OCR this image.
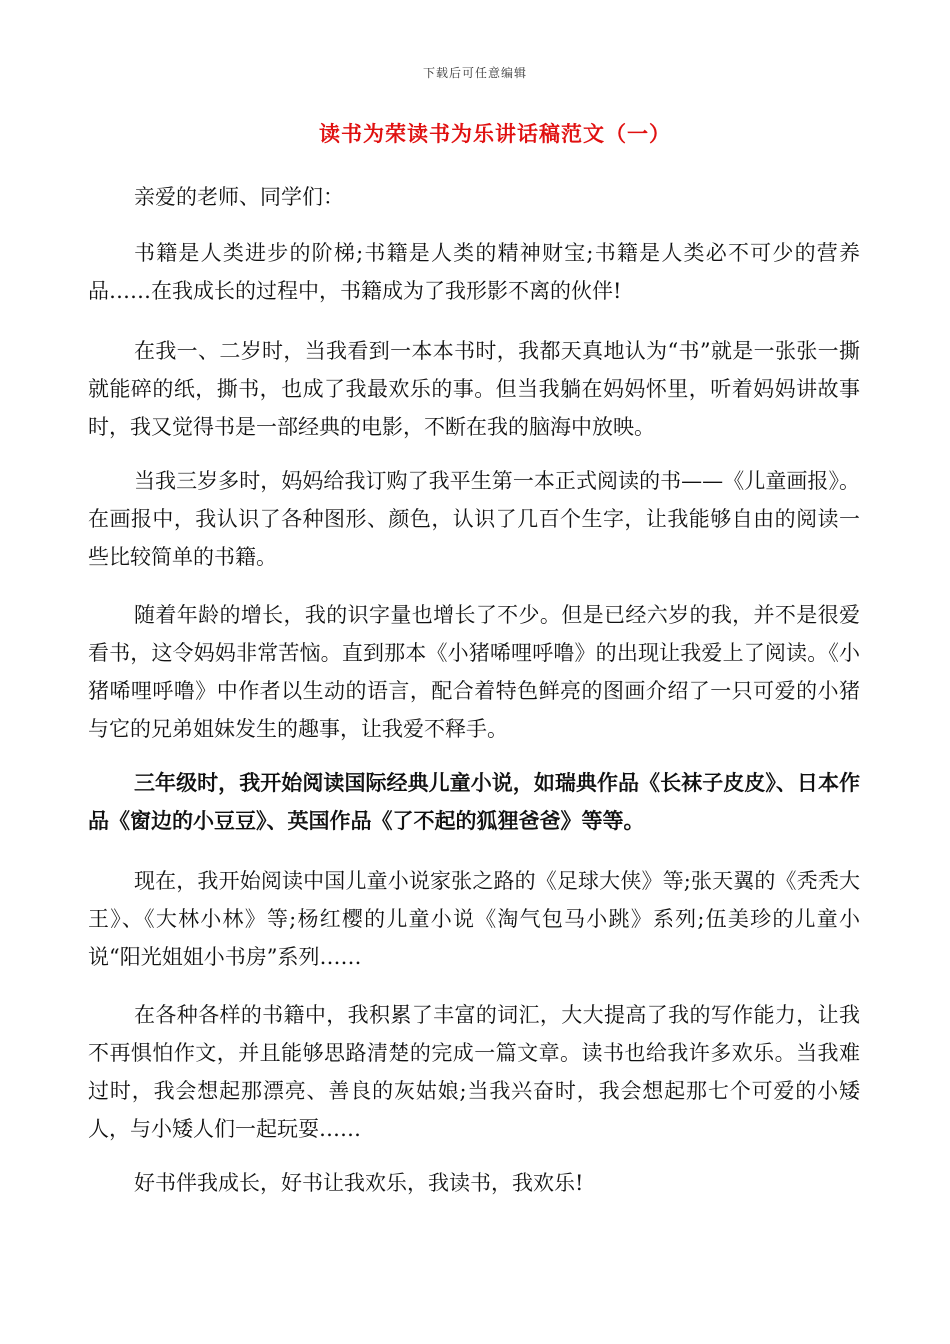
下载后可任意编辑
读书为荣读书为乐讲话稿范文（一）

亲爱的老师、同学们：

书籍是人类进步的阶梯;书籍是人类的精神财宝;书籍是人类必不可少的营养品……在我成长的过程中，书籍成为了我形影不离的伙伴!

在我一、二岁时，当我看到一本本书时，我都天真地认为“书”就是一张张一撕就能碎的纸，撕书，也成了我最欢乐的事。但当我躺在妈妈怀里，听着妈妈讲故事时，我又觉得书是一部经典的电影，不断在我的脑海中放映。

当我三岁多时，妈妈给我订购了我平生第一本正式阅读的书——《儿童画报》。在画报中，我认识了各种图形、颜色，认识了几百个生字，让我能够自由的阅读一些比较简单的书籍。

随着年龄的增长，我的识字量也增长了不少。但是已经六岁的我，并不是很爱看书，这令妈妈非常苦恼。直到那本《小猪唏哩呼噜》的出现让我爱上了阅读。《小猪唏哩呼噜》中作者以生动的语言，配合着特色鲜亮的图画介绍了一只可爱的小猪与它的兄弟姐妹发生的趣事，让我爱不释手。

三年级时，我开始阅读国际经典儿童小说，如瑞典作品《长袜子皮皮》、日本作品《窗边的小豆豆》、英国作品《了不起的狐狸爸爸》等等。

现在，我开始阅读中国儿童小说家张之路的《足球大侠》等;张天翼的《秃秃大王》、《大林小林》等;杨红樱的儿童小说《淘气包马小跳》系列;伍美珍的儿童小说“阳光姐姐小书房”系列……

在各种各样的书籍中，我积累了丰富的词汇，大大提高了我的写作能力，让我不再惧怕作文，并且能够思路清楚的完成一篇文章。读书也给我许多欢乐。当我难过时，我会想起那漂亮、善良的灰姑娘;当我兴奋时，我会想起那七个可爱的小矮人，与小矮人们一起玩耍……

好书伴我成长，好书让我欢乐，我读书，我欢乐!
